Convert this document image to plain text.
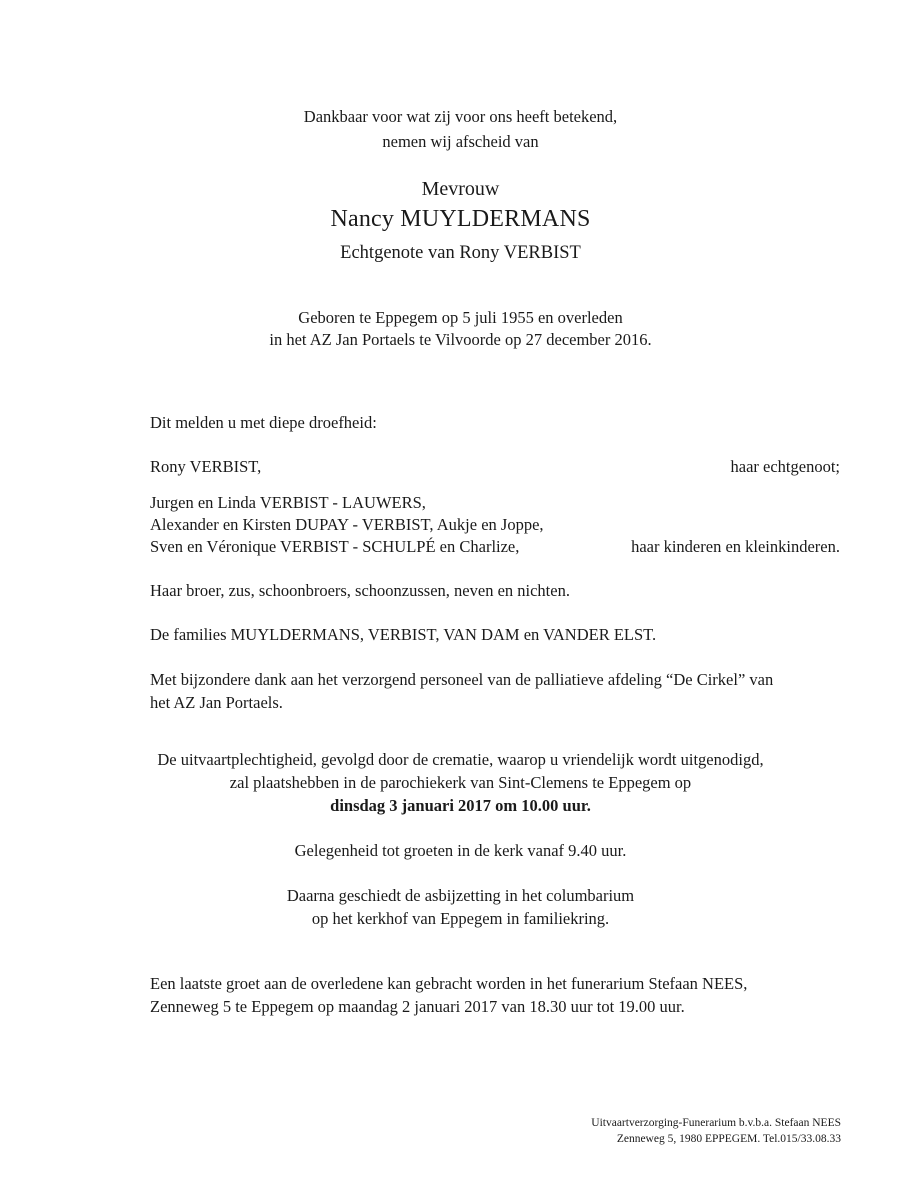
Dankbaar voor wat zij voor ons heeft betekend,
nemen wij afscheid van
Mevrouw
Nancy MUYLDERMANS
Echtgenote van Rony VERBIST
Geboren te Eppegem op 5 juli 1955 en overleden
in het AZ Jan Portaels te Vilvoorde op 27 december 2016.
Dit melden u met diepe droefheid:
Rony VERBIST,	haar echtgenoot;
Jurgen en Linda VERBIST - LAUWERS,
Alexander en Kirsten DUPAY - VERBIST, Aukje en Joppe,
Sven en Véronique VERBIST - SCHULPÉ en Charlize,	haar kinderen en kleinkinderen.
Haar broer, zus, schoonbroers, schoonzussen, neven en nichten.
De families MUYLDERMANS, VERBIST, VAN DAM en VANDER ELST.
Met bijzondere dank aan het verzorgend personeel van de palliatieve afdeling “De Cirkel” van
het AZ Jan Portaels.
De uitvaartplechtigheid, gevolgd door de crematie, waarop u vriendelijk wordt uitgenodigd,
zal plaatshebben in de parochiekerk van Sint-Clemens te Eppegem op
dinsdag 3 januari 2017 om 10.00 uur.
Gelegenheid tot groeten in de kerk vanaf 9.40 uur.
Daarna geschiedt de asbijzetting in het columbarium
op het kerkhof van Eppegem in familiekring.
Een laatste groet aan de overledene kan gebracht worden in het funerarium Stefaan NEES,
Zenneweg 5 te Eppegem op maandag 2 januari 2017 van 18.30 uur tot 19.00 uur.
Uitvaartverzorging-Funerarium b.v.b.a. Stefaan NEES
Zenneweg 5, 1980 EPPEGEM. Tel.015/33.08.33
